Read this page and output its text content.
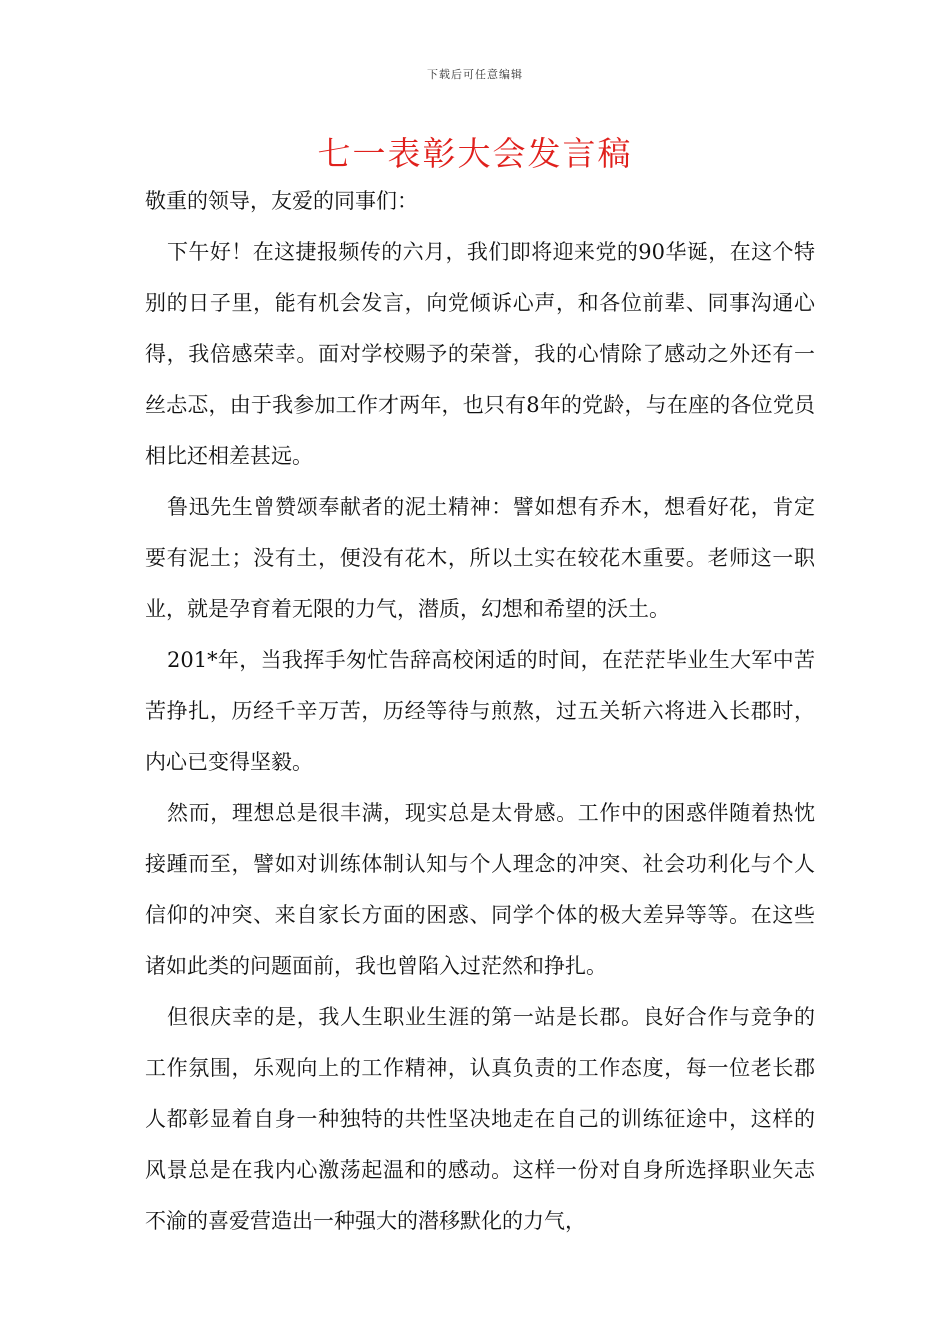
下载后可任意编辑
七一表彰大会发言稿

敬重的领导，友爱的同事们：

下午好！在这捷报频传的六月，我们即将迎来党的90华诞，在这个特别的日子里，能有机会发言，向党倾诉心声，和各位前辈、同事沟通心得，我倍感荣幸。面对学校赐予的荣誉，我的心情除了感动之外还有一丝忐忑，由于我参加工作才两年，也只有8年的党龄，与在座的各位党员相比还相差甚远。

鲁迅先生曾赞颂奉献者的泥土精神：譬如想有乔木，想看好花，肯定要有泥土；没有土，便没有花木，所以土实在较花木重要。老师这一职业，就是孕育着无限的力气，潜质，幻想和希望的沃土。

201*年，当我挥手匆忙告辞高校闲适的时间，在茫茫毕业生大军中苦苦挣扎，历经千辛万苦，历经等待与煎熬，过五关斩六将进入长郡时，内心已变得坚毅。

然而，理想总是很丰满，现实总是太骨感。工作中的困惑伴随着热忱接踵而至，譬如对训练体制认知与个人理念的冲突、社会功利化与个人信仰的冲突、来自家长方面的困惑、同学个体的极大差异等等。在这些诸如此类的问题面前，我也曾陷入过茫然和挣扎。

但很庆幸的是，我人生职业生涯的第一站是长郡。良好合作与竞争的工作氛围，乐观向上的工作精神，认真负责的工作态度，每一位老长郡人都彰显着自身一种独特的共性坚决地走在自己的训练征途中，这样的风景总是在我内心激荡起温和的感动。这样一份对自身所选择职业矢志不渝的喜爱营造出一种强大的潜移默化的力气，
